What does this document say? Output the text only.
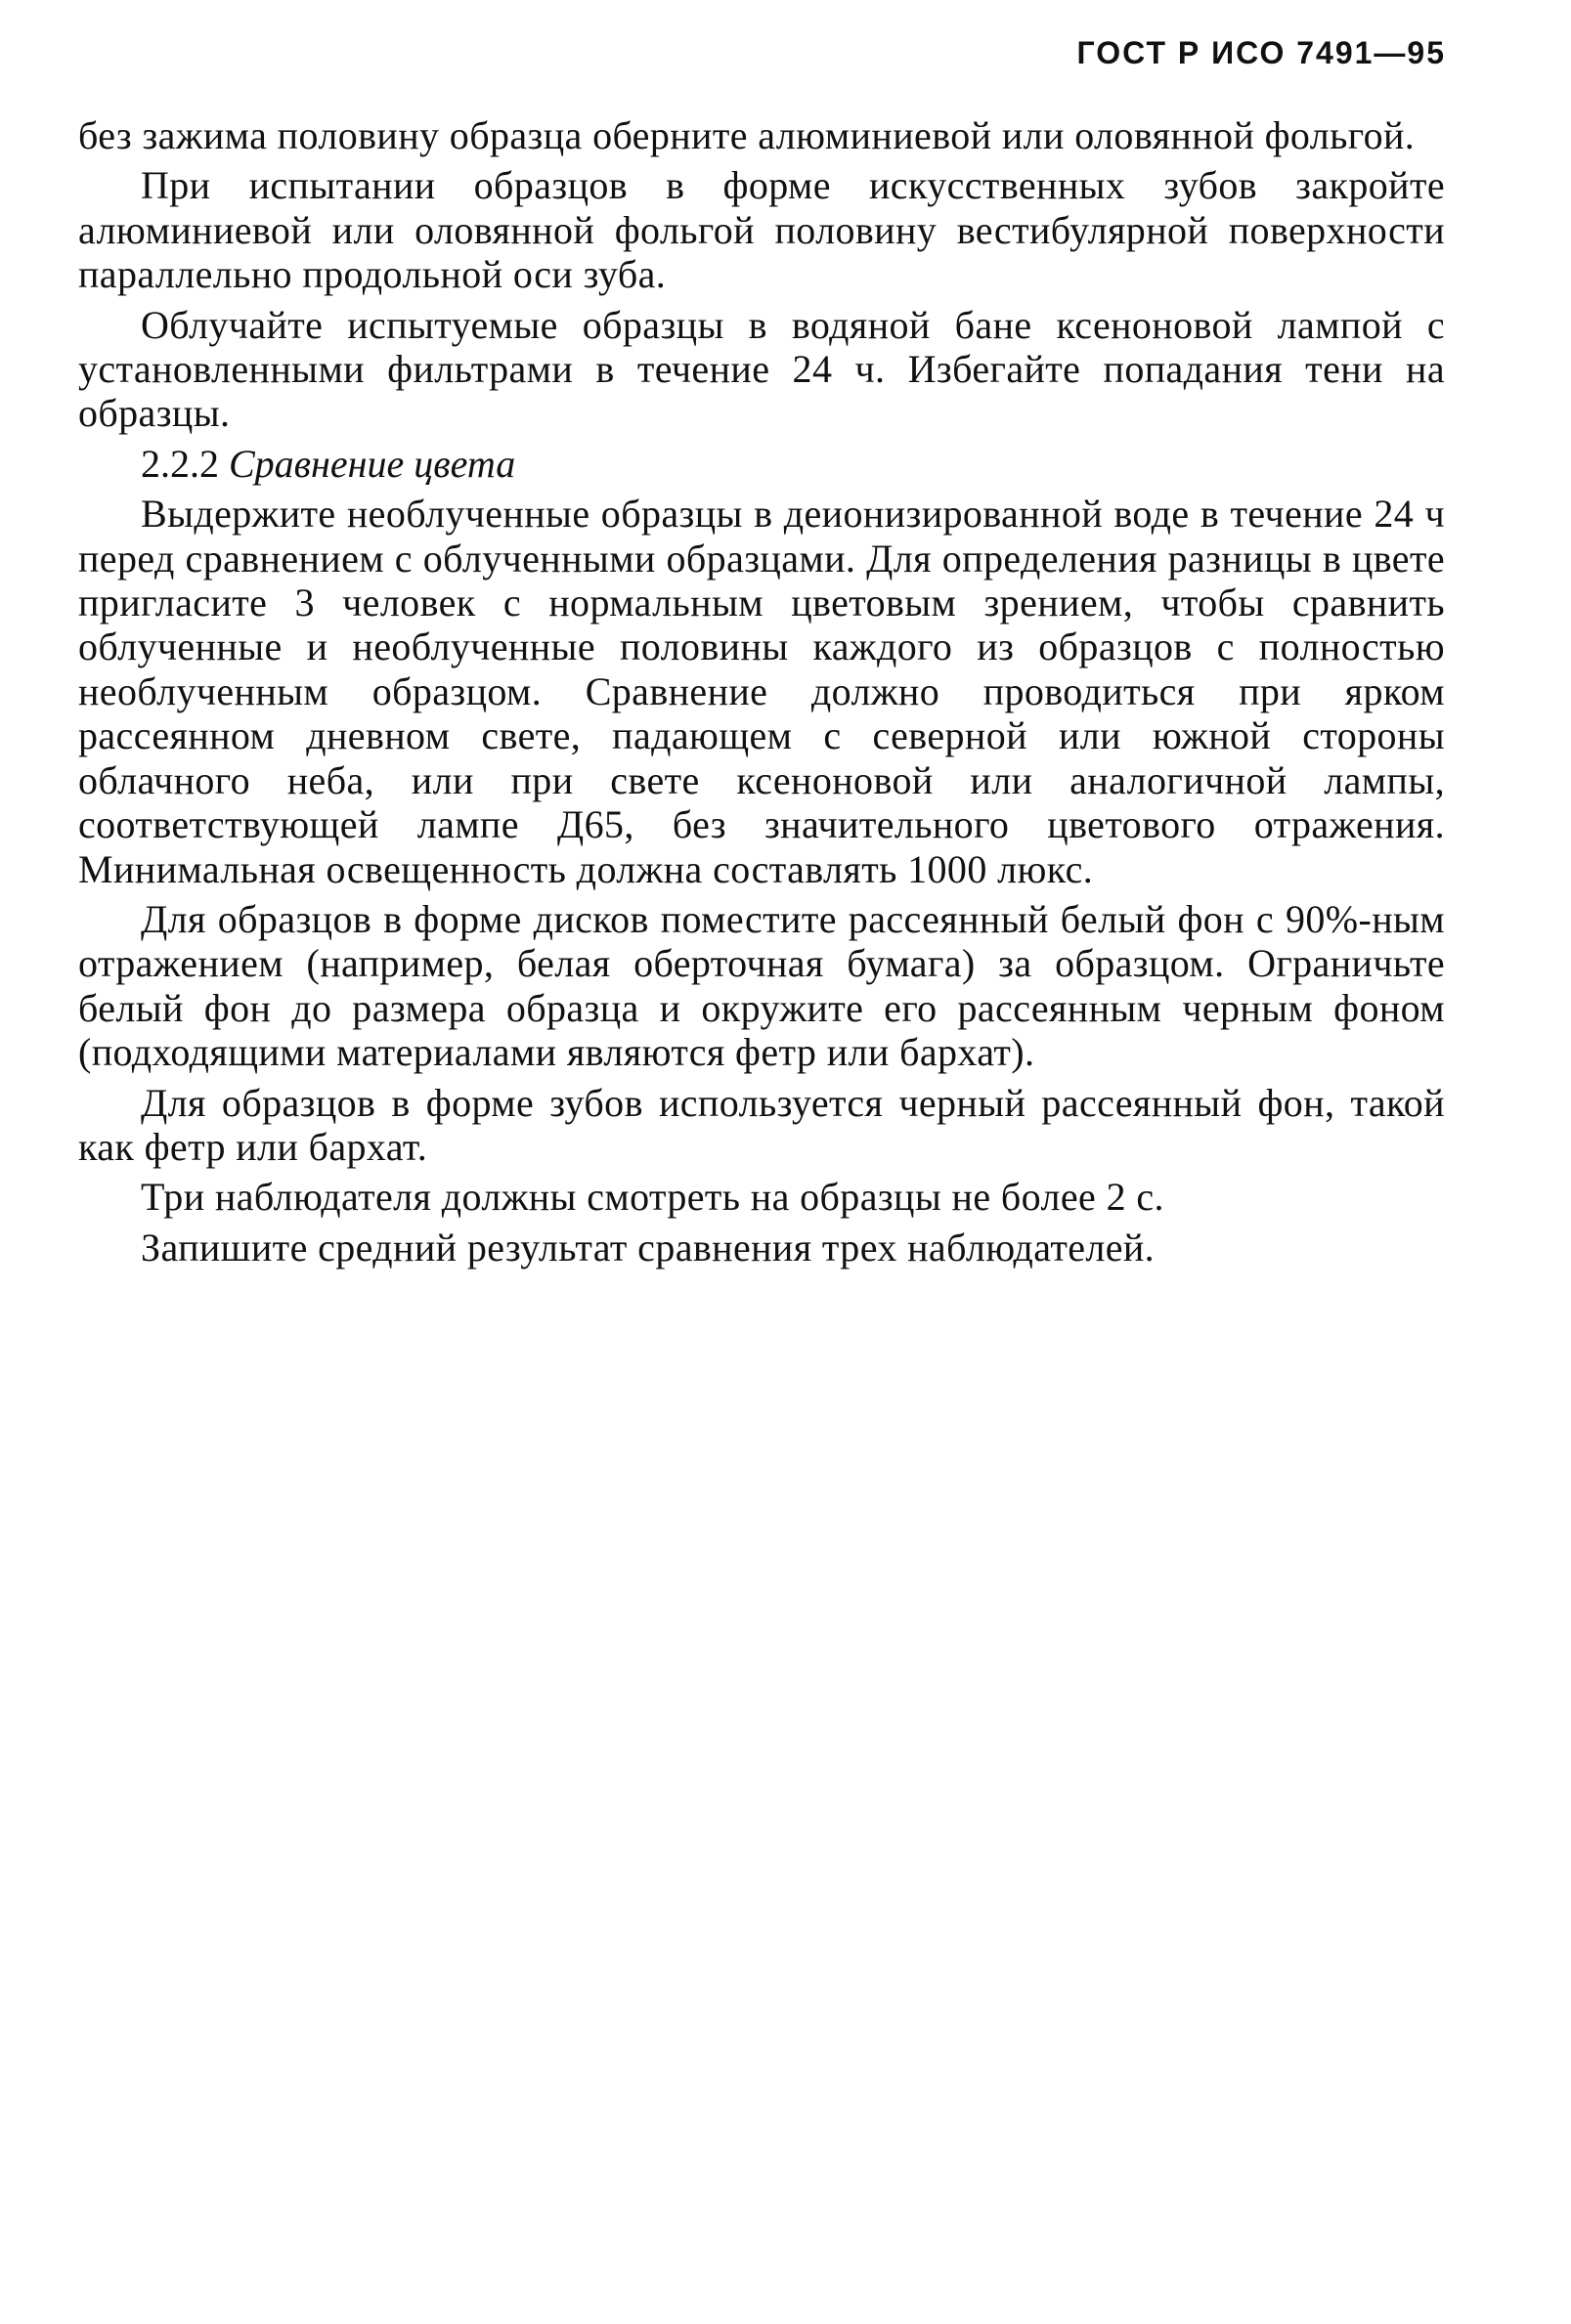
ГОСТ Р ИСО 7491—95

без зажима половину образца оберните алюминиевой или оловянной фольгой.

При испытании образцов в форме искусственных зубов закройте алюминиевой или оловянной фольгой половину вестибулярной поверхности параллельно продольной оси зуба.

Облучайте испытуемые образцы в водяной бане ксеноновой лампой с установленными фильтрами в течение 24 ч. Избегайте попадания тени на образцы.

2.2.2 Сравнение цвета

Выдержите необлученные образцы в деионизированной воде в течение 24 ч перед сравнением с облученными образцами. Для определения разницы в цвете пригласите 3 человек с нормальным цветовым зрением, чтобы сравнить облученные и необлученные половины каждого из образцов с полностью необлученным образцом. Сравнение должно проводиться при ярком рассеянном дневном свете, падающем с северной или южной стороны облачного неба, или при свете ксеноновой или аналогичной лампы, соответствующей лампе Д65, без значительного цветового отражения. Минимальная освещенность должна составлять 1000 люкс.

Для образцов в форме дисков поместите рассеянный белый фон с 90%-ным отражением (например, белая оберточная бумага) за образцом. Ограничьте белый фон до размера образца и окружите его рассеянным черным фоном (подходящими материалами являются фетр или бархат).

Для образцов в форме зубов используется черный рассеянный фон, такой как фетр или бархат.

Три наблюдателя должны смотреть на образцы не более 2 с.

Запишите средний результат сравнения трех наблюдателей.
